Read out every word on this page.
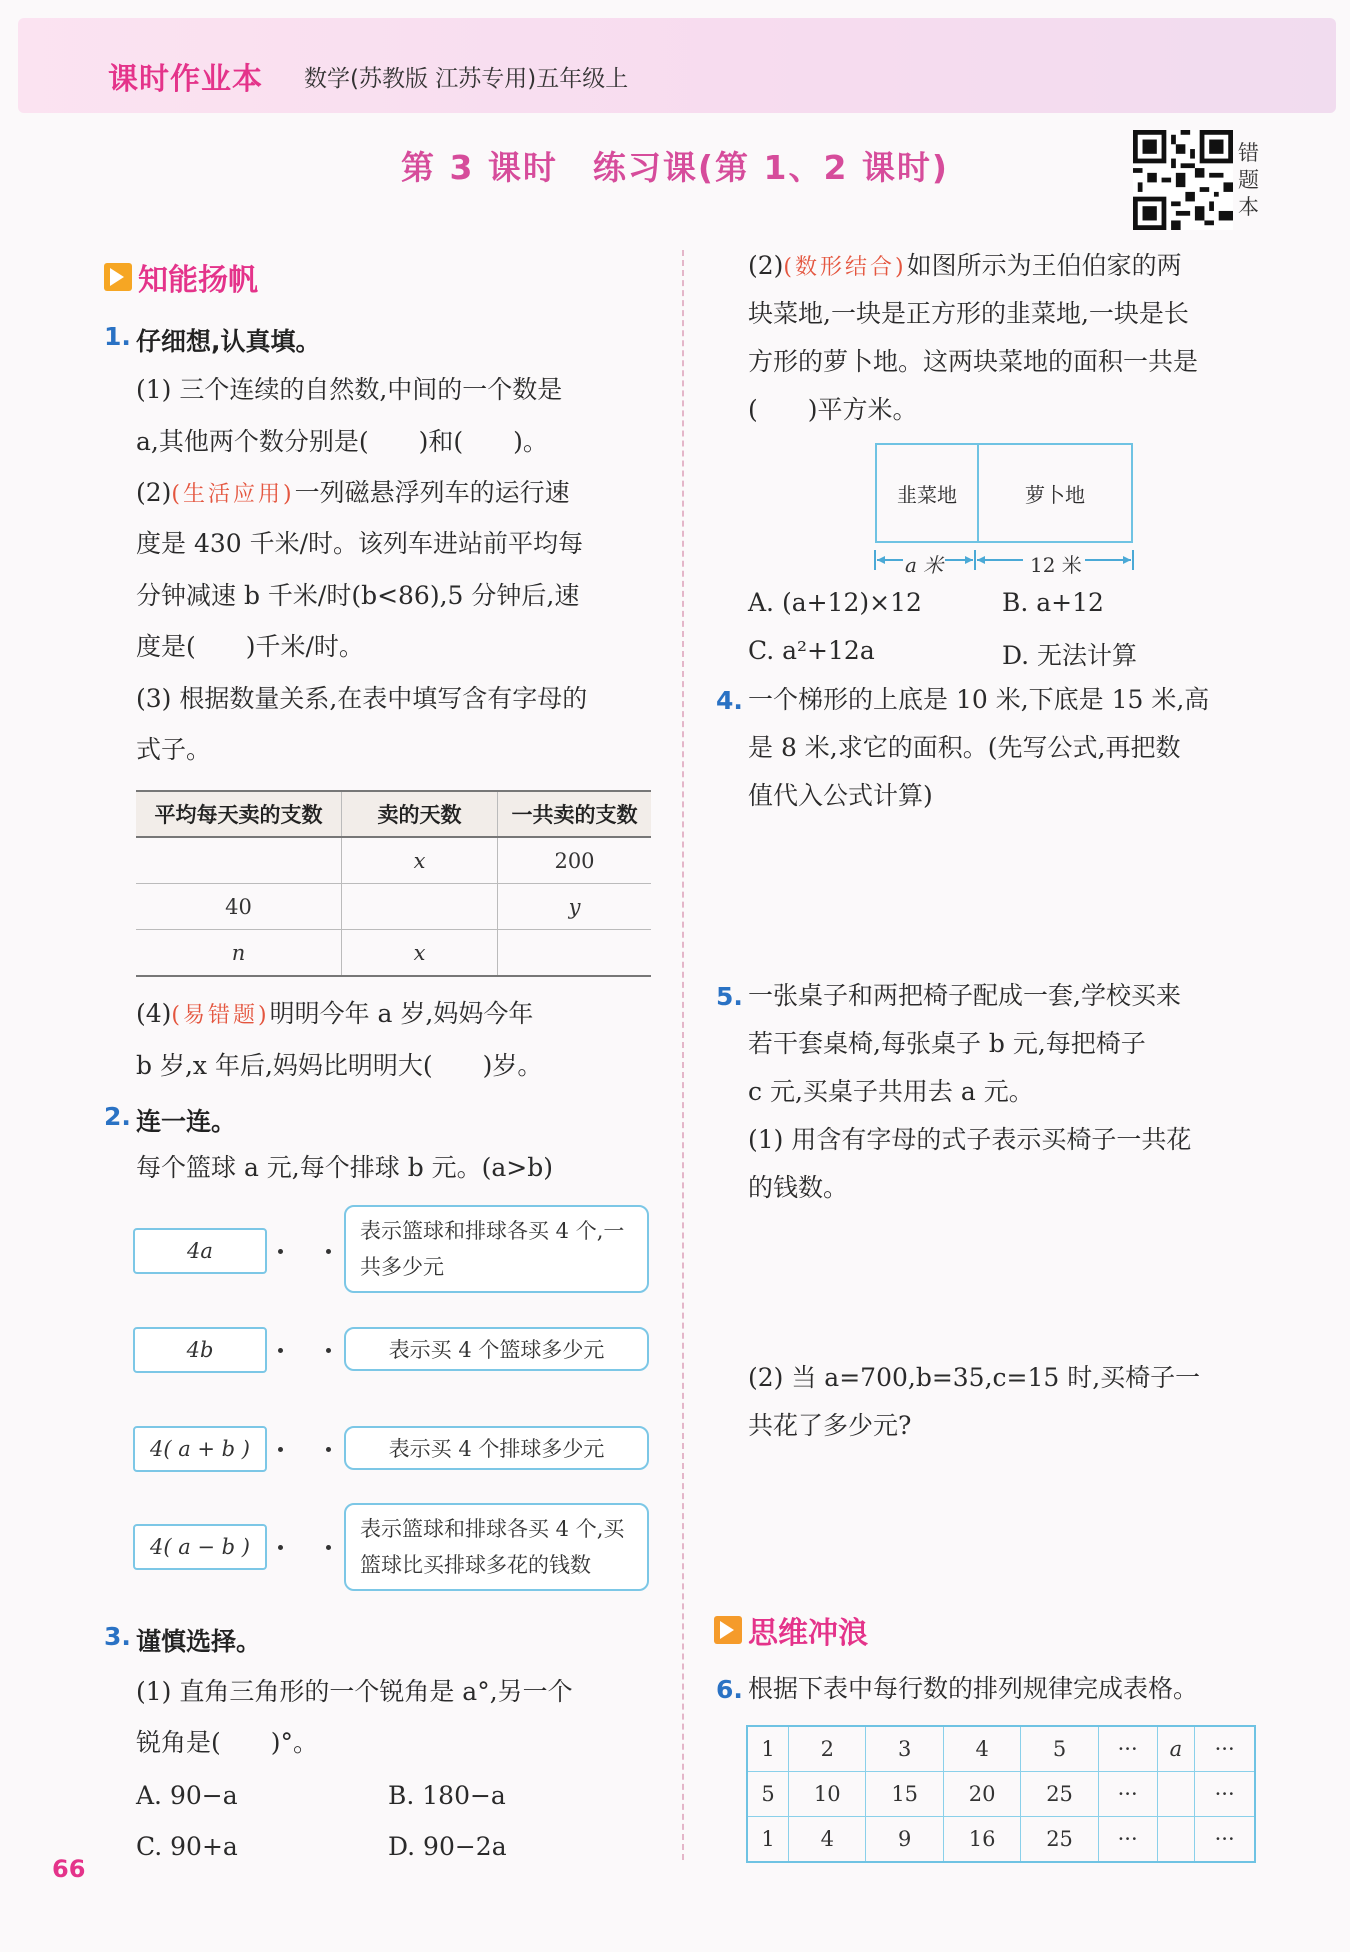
课时作业本 数学(苏教版 江苏专用)五年级上
第 3 课时　练习课(第 1、2 课时)	错题本
知能扬帆
1. 仔细想,认真填。
(1) 三个连续的自然数,中间的一个数是
a,其他两个数分别是(　　)和(　　)。
(2)(生活应用)一列磁悬浮列车的运行速
度是 430 千米/时。该列车进站前平均每
分钟减速 b 千米/时(b<86),5 分钟后,速
度是(　　)千米/时。
(3) 根据数量关系,在表中填写含有字母的
式子。
平均每天卖的支数	卖的天数	一共卖的支数
	x	200
40		y
n	x	
(4)(易错题)明明今年 a 岁,妈妈今年
b 岁,x 年后,妈妈比明明大(　　)岁。
2. 连一连。
每个篮球 a 元,每个排球 b 元。(a>b)
4a
4b
4( a + b )
4( a − b )
表示篮球和排球各买 4 个,一共多少元
表示买 4 个篮球多少元
表示买 4 个排球多少元
表示篮球和排球各买 4 个,买篮球比买排球多花的钱数
3. 谨慎选择。
(1) 直角三角形的一个锐角是 a°,另一个
锐角是(　　)°。
A. 90−a	B. 180−a
C. 90+a	D. 90−2a
66
(2)(数形结合)如图所示为王伯伯家的两
块菜地,一块是正方形的韭菜地,一块是长
方形的萝卜地。这两块菜地的面积一共是
(　　)平方米。
韭菜地	萝卜地
a 米	12 米
A. (a+12)×12	B. a+12
C. a²+12a	D. 无法计算
4. 一个梯形的上底是 10 米,下底是 15 米,高
是 8 米,求它的面积。(先写公式,再把数
值代入公式计算)
5. 一张桌子和两把椅子配成一套,学校买来
若干套桌椅,每张桌子 b 元,每把椅子
c 元,买桌子共用去 a 元。
(1) 用含有字母的式子表示买椅子一共花
的钱数。
(2) 当 a=700,b=35,c=15 时,买椅子一
共花了多少元?
思维冲浪
6. 根据下表中每行数的排列规律完成表格。
1	2	3	4	5	···	a	···
5	10	15	20	25	···		···
1	4	9	16	25	···		···
